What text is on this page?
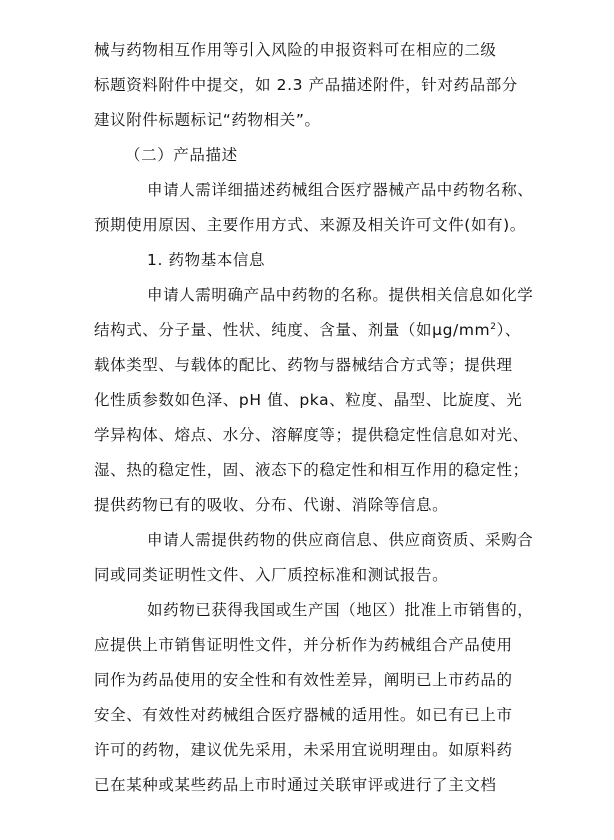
械与药物相互作用等引入风险的申报资料可在相应的二级
标题资料附件中提交，如 2.3 产品描述附件，针对药品部分
建议附件标题标记“药物相关”。
（二）产品描述
申请人需详细描述药械组合医疗器械产品中药物名称、
预期使用原因、主要作用方式、来源及相关许可文件(如有)。
1. 药物基本信息
申请人需明确产品中药物的名称。提供相关信息如化学
结构式、分子量、性状、纯度、含量、剂量（如$\mu g/mm^2$）、
载体类型、与载体的配比、药物与器械结合方式等；提供理
化性质参数如色泽、pH 值、pka、粒度、晶型、比旋度、光
学异构体、熔点、水分、溶解度等；提供稳定性信息如对光、
湿、热的稳定性，固、液态下的稳定性和相互作用的稳定性；
提供药物已有的吸收、分布、代谢、消除等信息。
申请人需提供药物的供应商信息、供应商资质、采购合
同或同类证明性文件、入厂质控标准和测试报告。
如药物已获得我国或生产国（地区）批准上市销售的，
应提供上市销售证明性文件，并分析作为药械组合产品使用
同作为药品使用的安全性和有效性差异，阐明已上市药品的
安全、有效性对药械组合医疗器械的适用性。如已有已上市
许可的药物，建议优先采用，未采用宜说明理由。如原料药
已在某种或某些药品上市时通过关联审评或进行了主文档
